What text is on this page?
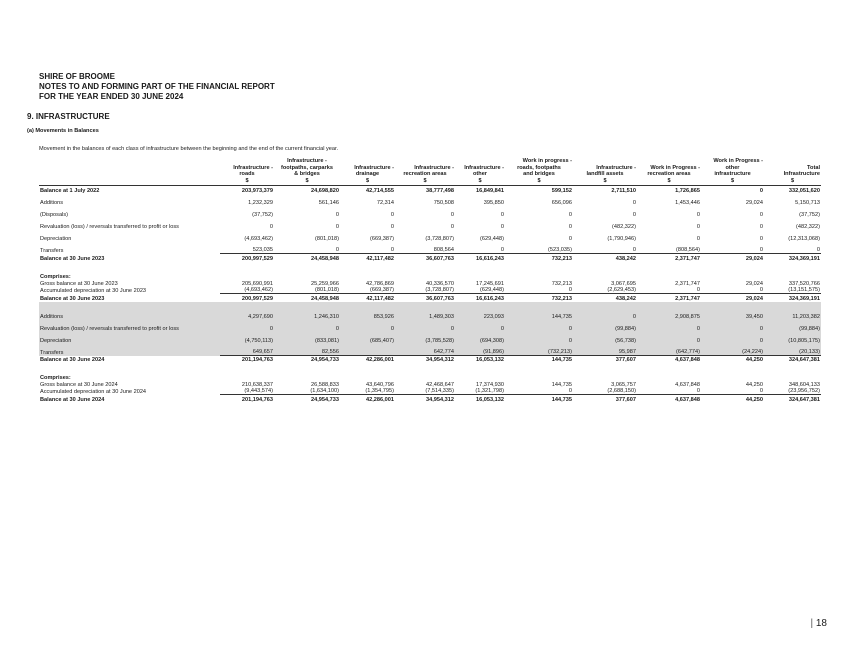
SHIRE OF BROOME
NOTES TO AND FORMING PART OF THE FINANCIAL REPORT
FOR THE YEAR ENDED 30 JUNE 2024
9. INFRASTRUCTURE
(a) Movements in Balances
Movement in the balances of each class of infrastructure between the beginning and the end of the current financial year.
		Infrastructure -				Work in progress -			Work in Progress -	
	Infrastructure -	footpaths, carparks	Infrastructure -	Infrastructure -	Infrastructure -	roads, footpaths	Infrastructure -	Work in Progress -	other	Total
	roads	& bridges	drainage	recreation areas	other	and bridges	landfill assets	recreation areas	infrastructure	Infrastructure
	$	$	$	$	$	$	$	$	$	$
Balance at 1 July 2022	203,973,379	24,698,820	42,714,555	38,777,498	16,849,841	599,152	2,711,510	1,726,865	0	332,051,620
Additions	1,232,329	561,146	72,314	750,508	395,850	656,096	0	1,453,446	29,024	5,150,713
(Disposals)	(37,752)	0	0	0	0	0	0	0	0	(37,752)
Revaluation (loss) / reversals transferred to profit or loss	0	0	0	0	0	0	(482,322)	0	0	(482,322)
Depreciation	(4,693,462)	(801,018)	(669,387)	(3,728,807)	(629,448)	0	(1,790,946)	0	0	(12,313,068)
Transfers	523,035	0	0	808,564	0	(523,035)	0	(808,564)	0	0
Balance at 30 June 2023	200,997,529	24,458,948	42,117,482	36,607,763	16,616,243	732,213	438,242	2,371,747	29,024	324,369,191
Comprises:										
Gross balance at 30 June 2023	205,690,991	25,259,966	42,786,869	40,336,570	17,245,691	732,213	3,067,695	2,371,747	29,024	337,520,766
Accumulated depreciation at 30 June 2023	(4,693,462)	(801,018)	(669,387)	(3,728,807)	(629,448)	0	(2,629,453)	0	0	(13,151,575)
Balance at 30 June 2023	200,997,529	24,458,948	42,117,482	36,607,763	16,616,243	732,213	438,242	2,371,747	29,024	324,369,191
Additions	4,297,690	1,246,310	853,926	1,489,303	223,093	144,735	0	2,908,875	39,450	11,203,382
Revaluation (loss) / reversals transferred to profit or loss	0	0	0	0	0	0	(99,884)	0	0	(99,884)
Depreciation	(4,750,113)	(833,081)	(685,407)	(3,785,528)	(694,308)	0	(56,738)	0	0	(10,805,175)
Transfers	649,657	82,556		642,774	(91,896)	(732,213)	95,987	(642,774)	(24,224)	(20,133)
Balance at 30 June 2024	201,194,763	24,954,733	42,286,001	34,954,312	16,053,132	144,735	377,607	4,637,848	44,250	324,647,381
Comprises:										
Gross balance at 30 June 2024	210,638,337	26,588,833	43,640,796	42,468,647	17,374,930	144,735	3,065,757	4,637,848	44,250	348,604,133
Accumulated depreciation at 30 June 2024	(9,443,574)	(1,634,100)	(1,354,795)	(7,514,335)	(1,321,798)	0	(2,688,150)	0	0	(23,956,752)
Balance at 30 June 2024	201,194,763	24,954,733	42,286,001	34,954,312	16,053,132	144,735	377,607	4,637,848	44,250	324,647,381
| 18
